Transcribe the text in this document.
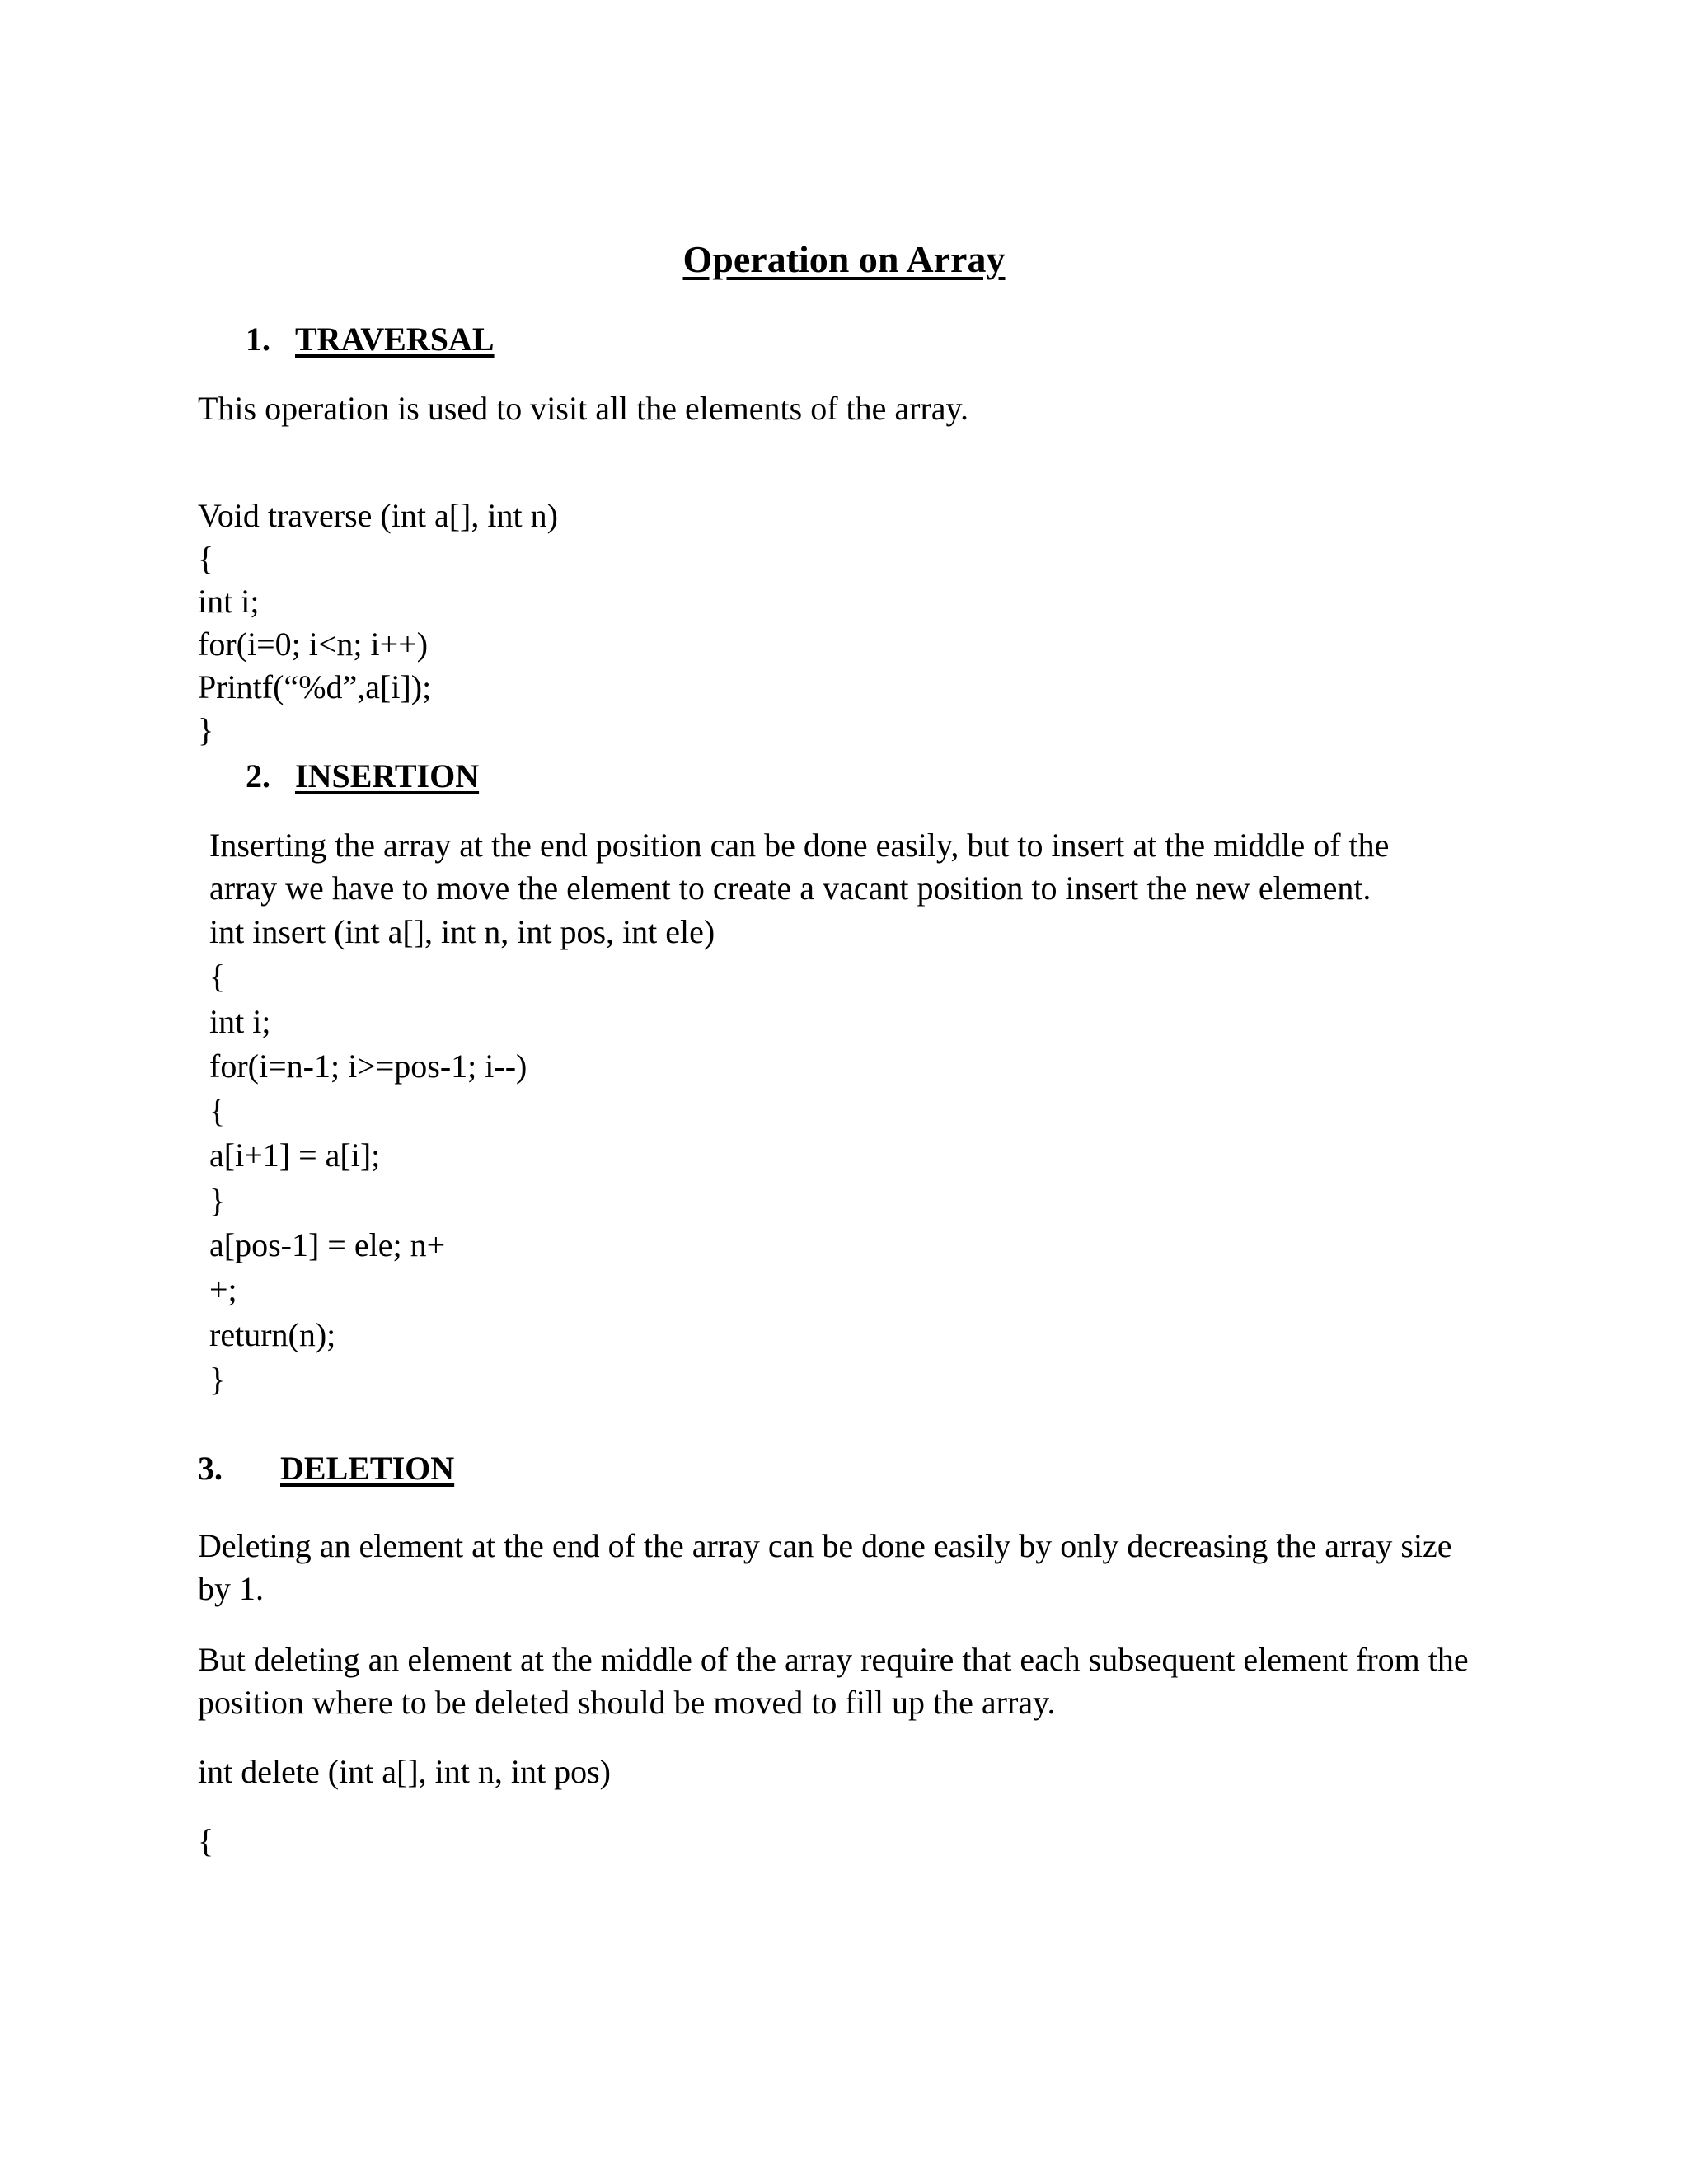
Operation on Array
1. TRAVERSAL
This operation is used to visit all the elements of the array.
Void traverse (int a[], int n)
{
int i;
for(i=0; i<n; i++)
Printf(“%d”,a[i]);
}
2. INSERTION
Inserting the array at the end position can be done easily, but to insert at the middle of the
array we have to move the element to create a vacant position to insert the new element.
int insert (int a[], int n, int pos, int ele)
{
int i;
for(i=n-1; i>=pos-1; i--)
{
a[i+1] = a[i];
}
a[pos-1] = ele; n+
+;
return(n);
}
3. DELETION
Deleting an element at the end of the array can be done easily by only decreasing the array size
by 1.
But deleting an element at the middle of the array require that each subsequent element from the
position where to be deleted should be moved to fill up the array.
int delete (int a[], int n, int pos)
{
